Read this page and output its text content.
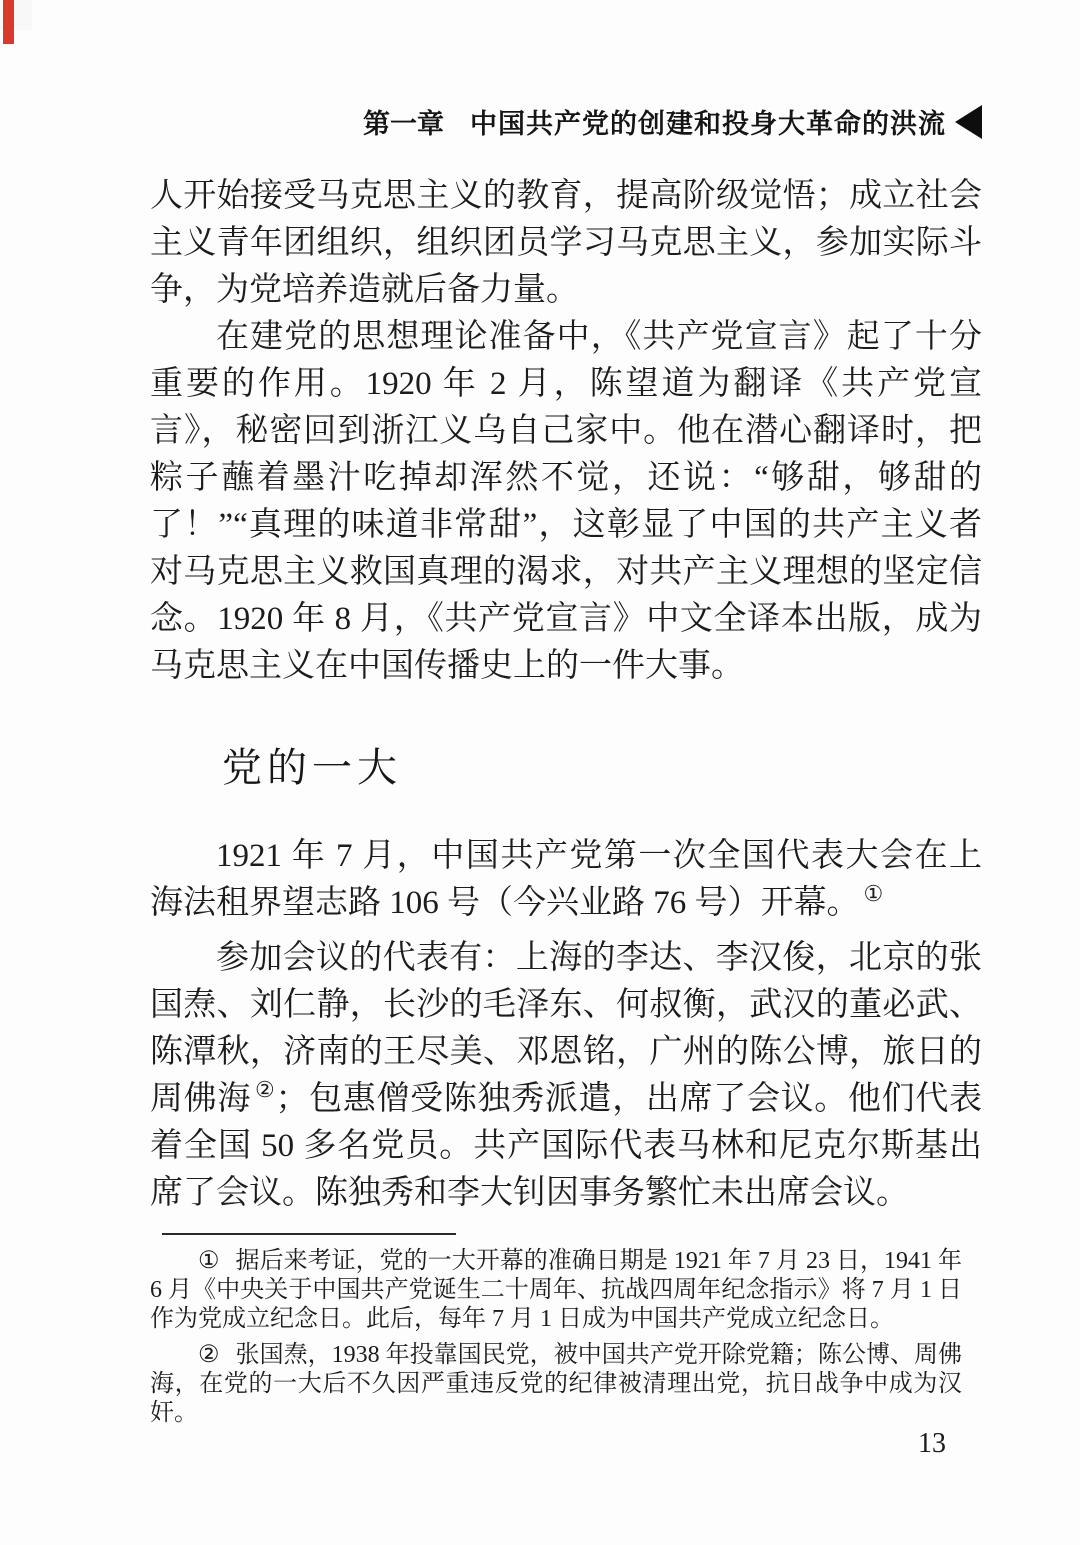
第一章 中国共产党的创建和投身大革命的洪流

人开始接受马克思主义的教育，提高阶级觉悟；成立社会主义青年团组织，组织团员学习马克思主义，参加实际斗争，为党培养造就后备力量。

在建党的思想理论准备中，《共产党宣言》起了十分重要的作用。1920 年 2 月，陈望道为翻译《共产党宣言》，秘密回到浙江义乌自己家中。他在潜心翻译时，把粽子蘸着墨汁吃掉却浑然不觉，还说：“够甜，够甜的了！”“真理的味道非常甜”，这彰显了中国的共产主义者对马克思主义救国真理的渴求，对共产主义理想的坚定信念。1920 年 8 月，《共产党宣言》中文全译本出版，成为马克思主义在中国传播史上的一件大事。

党的一大

1921 年 7 月，中国共产党第一次全国代表大会在上海法租界望志路 106 号（今兴业路 76 号）开幕。 ①

参加会议的代表有：上海的李达、李汉俊，北京的张国焘、刘仁静，长沙的毛泽东、何叔衡，武汉的董必武、陈潭秋，济南的王尽美、邓恩铭，广州的陈公博，旅日的周佛海 ②；包惠僧受陈独秀派遣，出席了会议。他们代表着全国 50 多名党员。共产国际代表马林和尼克尔斯基出席了会议。陈独秀和李大钊因事务繁忙未出席会议。

① 据后来考证，党的一大开幕的准确日期是 1921 年 7 月 23 日，1941 年 6 月《中央关于中国共产党诞生二十周年、抗战四周年纪念指示》将 7 月 1 日作为党成立纪念日。此后，每年 7 月 1 日成为中国共产党成立纪念日。

② 张国焘，1938 年投靠国民党，被中国共产党开除党籍；陈公博、周佛海，在党的一大后不久因严重违反党的纪律被清理出党，抗日战争中成为汉奸。

13
